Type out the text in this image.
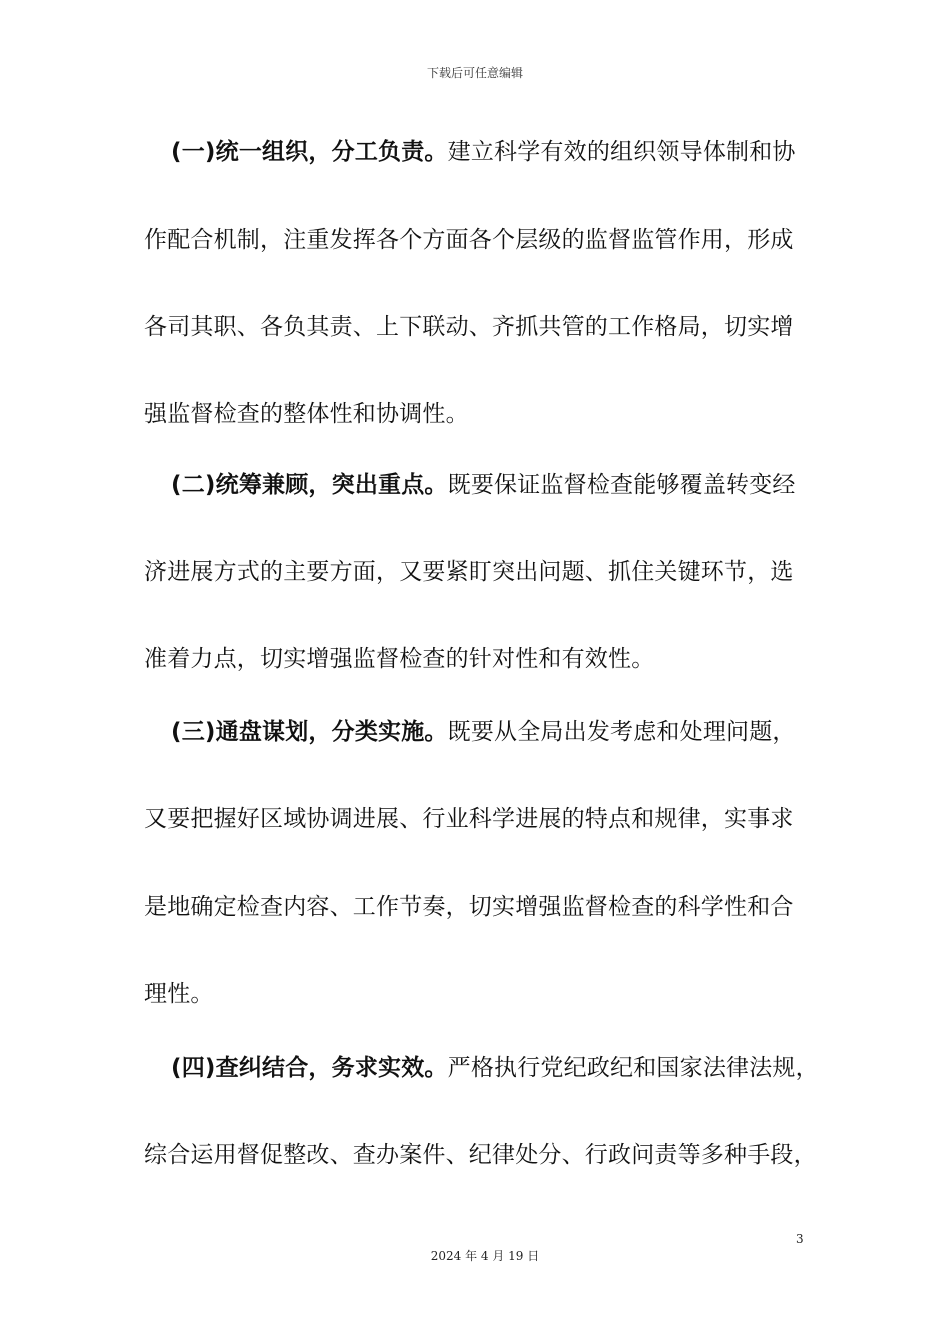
下载后可任意编辑
(一)统一组织，分工负责。建立科学有效的组织领导体制和协
作配合机制，注重发挥各个方面各个层级的监督监管作用，形成
各司其职、各负其责、上下联动、齐抓共管的工作格局，切实增
强监督检查的整体性和协调性。
(二)统筹兼顾，突出重点。既要保证监督检查能够覆盖转变经
济进展方式的主要方面，又要紧盯突出问题、抓住关键环节，选
准着力点，切实增强监督检查的针对性和有效性。
(三)通盘谋划，分类实施。既要从全局出发考虑和处理问题，
又要把握好区域协调进展、行业科学进展的特点和规律，实事求
是地确定检查内容、工作节奏，切实增强监督检查的科学性和合
理性。
(四)查纠结合，务求实效。严格执行党纪政纪和国家法律法规，
综合运用督促整改、查办案件、纪律处分、行政问责等多种手段，
3
2024 年 4 月 19 日
